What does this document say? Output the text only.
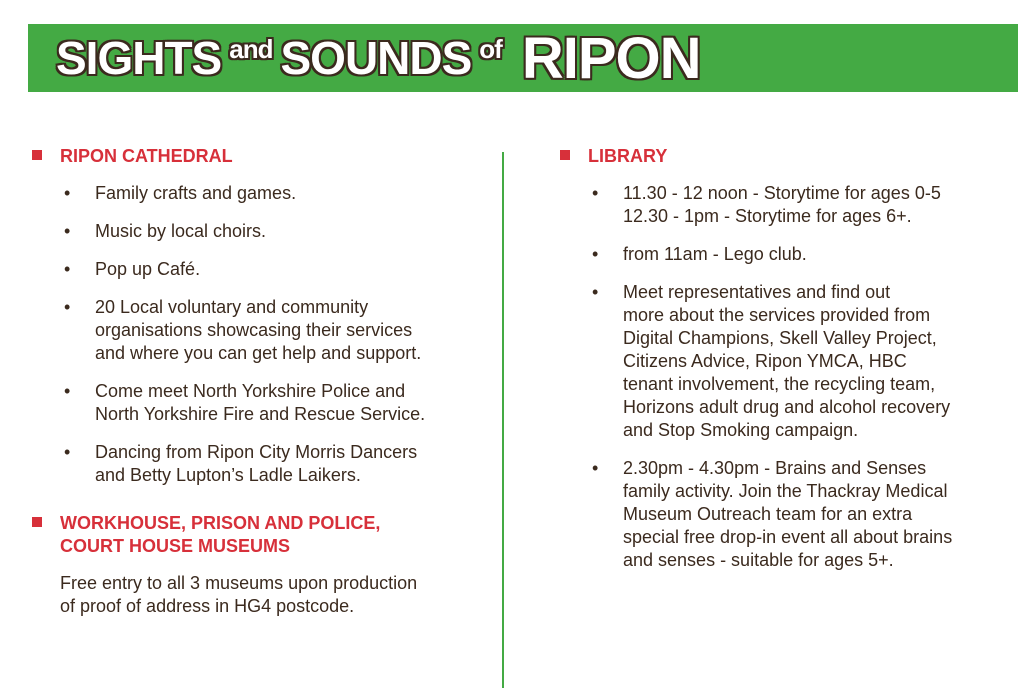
SIGHTS and SOUNDS of RIPON
RIPON CATHEDRAL
•	Family crafts and games.
•	Music by local choirs.
•	Pop up Café.
•	20 Local voluntary and community
organisations showcasing their services
and where you can get help and support.
•	Come meet North Yorkshire Police and
North Yorkshire Fire and Rescue Service.
•	Dancing from Ripon City Morris Dancers
and Betty Lupton’s Ladle Laikers.
WORKHOUSE, PRISON AND POLICE,
COURT HOUSE MUSEUMS
Free entry to all 3 museums upon production
of proof of address in HG4 postcode.
LIBRARY
•	11.30 - 12 noon - Storytime for ages 0-5
12.30 - 1pm - Storytime for ages 6+.
•	from 11am - Lego club.
•	Meet representatives and find out
more about the services provided from
Digital Champions, Skell Valley Project,
Citizens Advice, Ripon YMCA, HBC
tenant involvement, the recycling team,
Horizons adult drug and alcohol recovery
and Stop Smoking campaign.
•	2.30pm - 4.30pm - Brains and Senses
family activity. Join the Thackray Medical
Museum Outreach team for an extra
special free drop-in event all about brains
and senses - suitable for ages 5+.
